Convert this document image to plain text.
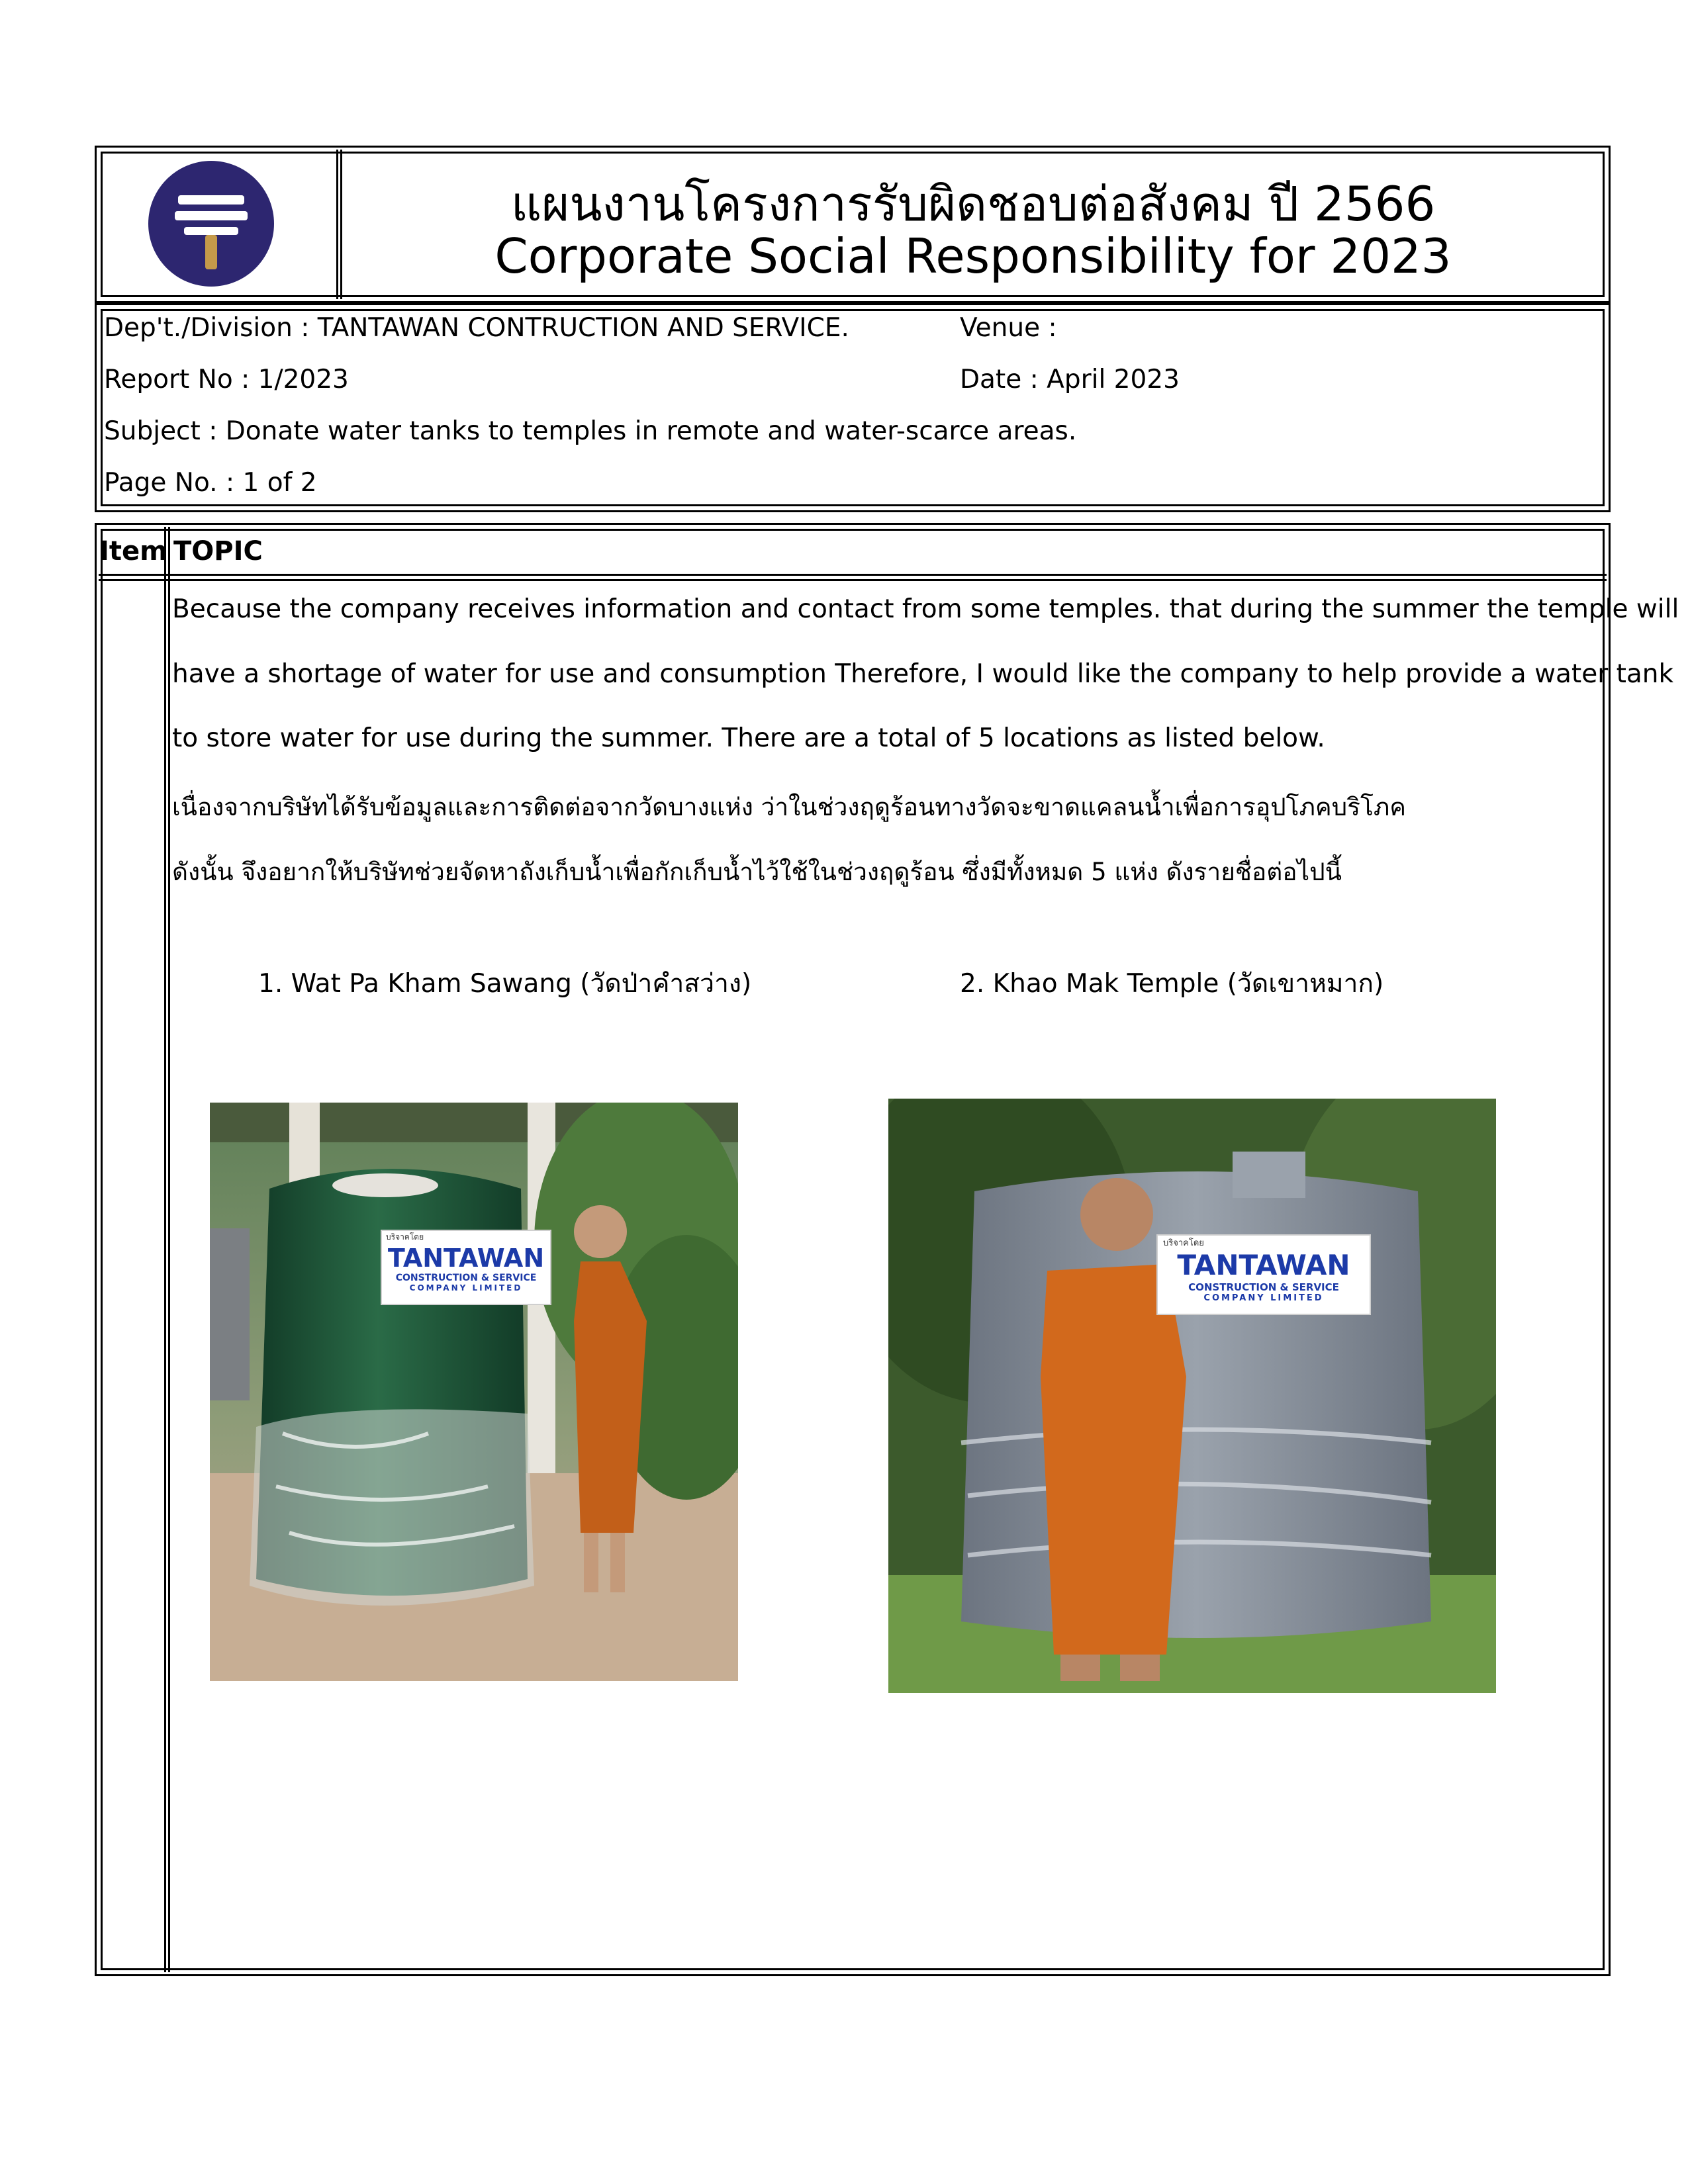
แผนงานโครงการรับผิดชอบต่อสังคม ปี 2566
Corporate Social Responsibility for 2023
Dep't./Division : TANTAWAN CONTRUCTION AND SERVICE.	Venue :
Report No : 1/2023	Date : April 2023
Subject : Donate water tanks to temples in remote and water-scarce areas.
Page No. : 1 of 2
Item TOPIC
Because the company receives information and contact from some temples. that during the summer the temple will
have a shortage of water for use and consumption Therefore, I would like the company to help provide a water tank
to store water for use during the summer. There are a total of 5 locations as listed below.
เนื่องจากบริษัทได้รับข้อมูลและการติดต่อจากวัดบางแห่ง ว่าในช่วงฤดูร้อนทางวัดจะขาดแคลนน้ำเพื่อการอุปโภคบริโภค
ดังนั้น จึงอยากให้บริษัทช่วยจัดหาถังเก็บน้ำเพื่อกักเก็บน้ำไว้ใช้ในช่วงฤดูร้อน ซึ่งมีทั้งหมด 5 แห่ง ดังรายชื่อต่อไปนี้
1. Wat Pa Kham Sawang (วัดป่าคำสว่าง)	2. Khao Mak Temple (วัดเขาหมาก)
บริจาคโดย
TANTAWAN
CONSTRUCTION & SERVICE
COMPANY LIMITED
บริจาคโดย
TANTAWAN
CONSTRUCTION & SERVICE
COMPANY LIMITED
